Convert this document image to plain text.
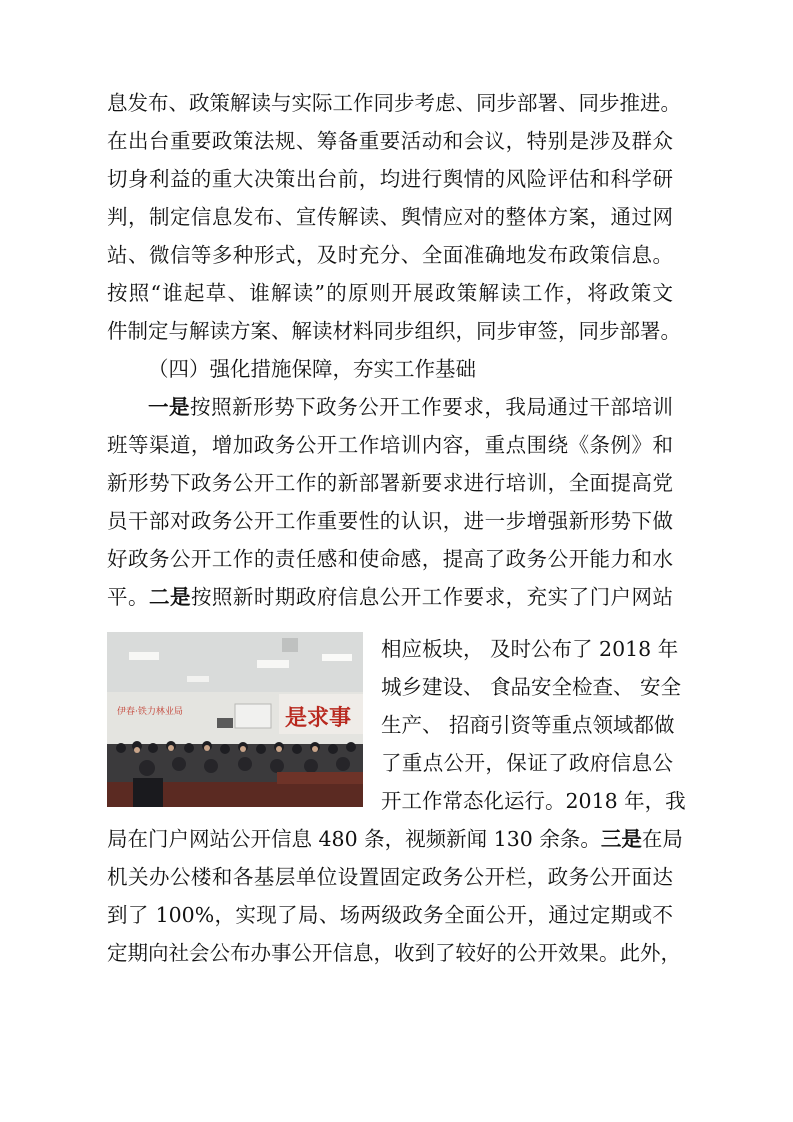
息发布、政策解读与实际工作同步考虑、同步部署、同步推进。
在出台重要政策法规、筹备重要活动和会议，特别是涉及群众
切身利益的重大决策出台前，均进行舆情的风险评估和科学研
判，制定信息发布、宣传解读、舆情应对的整体方案，通过网
站、微信等多种形式，及时充分、全面准确地发布政策信息。
按照“谁起草、谁解读”的原则开展政策解读工作，将政策文
件制定与解读方案、解读材料同步组织，同步审签，同步部署。
（四）强化措施保障，夯实工作基础
一是按照新形势下政务公开工作要求，我局通过干部培训
班等渠道，增加政务公开工作培训内容，重点围绕《条例》和
新形势下政务公开工作的新部署新要求进行培训，全面提高党
员干部对政务公开工作重要性的认识，进一步增强新形势下做
好政务公开工作的责任感和使命感，提高了政务公开能力和水
平。二是按照新时期政府信息公开工作要求，充实了门户网站
伊春·铁力林业局	是求事
相应板块， 及时公布了 2018 年
城乡建设、 食品安全检查、 安全
生产、 招商引资等重点领域都做
了重点公开，保证了政府信息公
开工作常态化运行。2018 年，我
局在门户网站公开信息 480 条，视频新闻 130 余条。三是在局
机关办公楼和各基层单位设置固定政务公开栏，政务公开面达
到了 100%，实现了局、场两级政务全面公开，通过定期或不
定期向社会公布办事公开信息，收到了较好的公开效果。此外，
